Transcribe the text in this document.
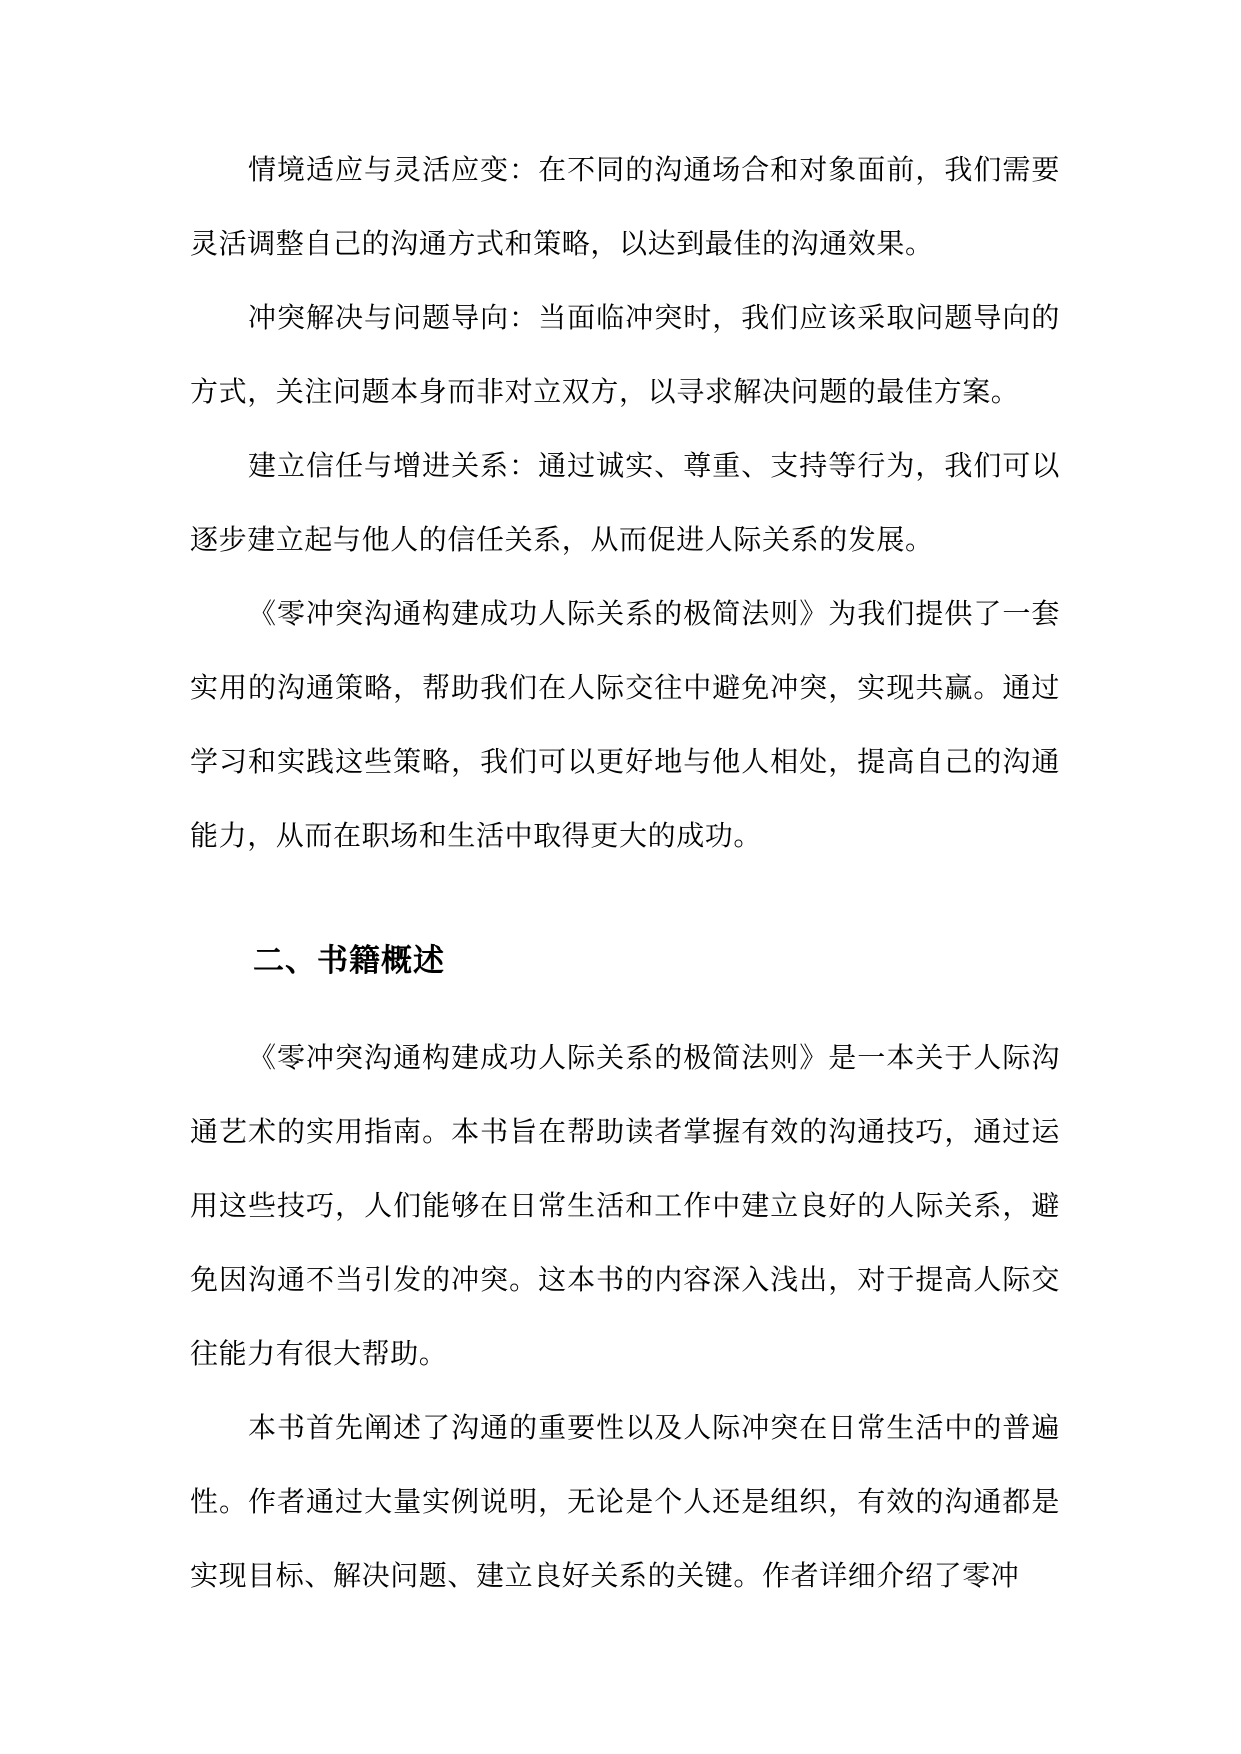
情境适应与灵活应变：在不同的沟通场合和对象面前，我们需要灵活调整自己的沟通方式和策略，以达到最佳的沟通效果。

冲突解决与问题导向：当面临冲突时，我们应该采取问题导向的方式，关注问题本身而非对立双方，以寻求解决问题的最佳方案。

建立信任与增进关系：通过诚实、尊重、支持等行为，我们可以逐步建立起与他人的信任关系，从而促进人际关系的发展。

《零冲突沟通构建成功人际关系的极简法则》为我们提供了一套实用的沟通策略，帮助我们在人际交往中避免冲突，实现共赢。通过学习和实践这些策略，我们可以更好地与他人相处，提高自己的沟通能力，从而在职场和生活中取得更大的成功。

二、书籍概述

《零冲突沟通构建成功人际关系的极简法则》是一本关于人际沟通艺术的实用指南。本书旨在帮助读者掌握有效的沟通技巧，通过运用这些技巧，人们能够在日常生活和工作中建立良好的人际关系，避免因沟通不当引发的冲突。这本书的内容深入浅出，对于提高人际交往能力有很大帮助。

本书首先阐述了沟通的重要性以及人际冲突在日常生活中的普遍性。作者通过大量实例说明，无论是个人还是组织，有效的沟通都是实现目标、解决问题、建立良好关系的关键。作者详细介绍了零冲
